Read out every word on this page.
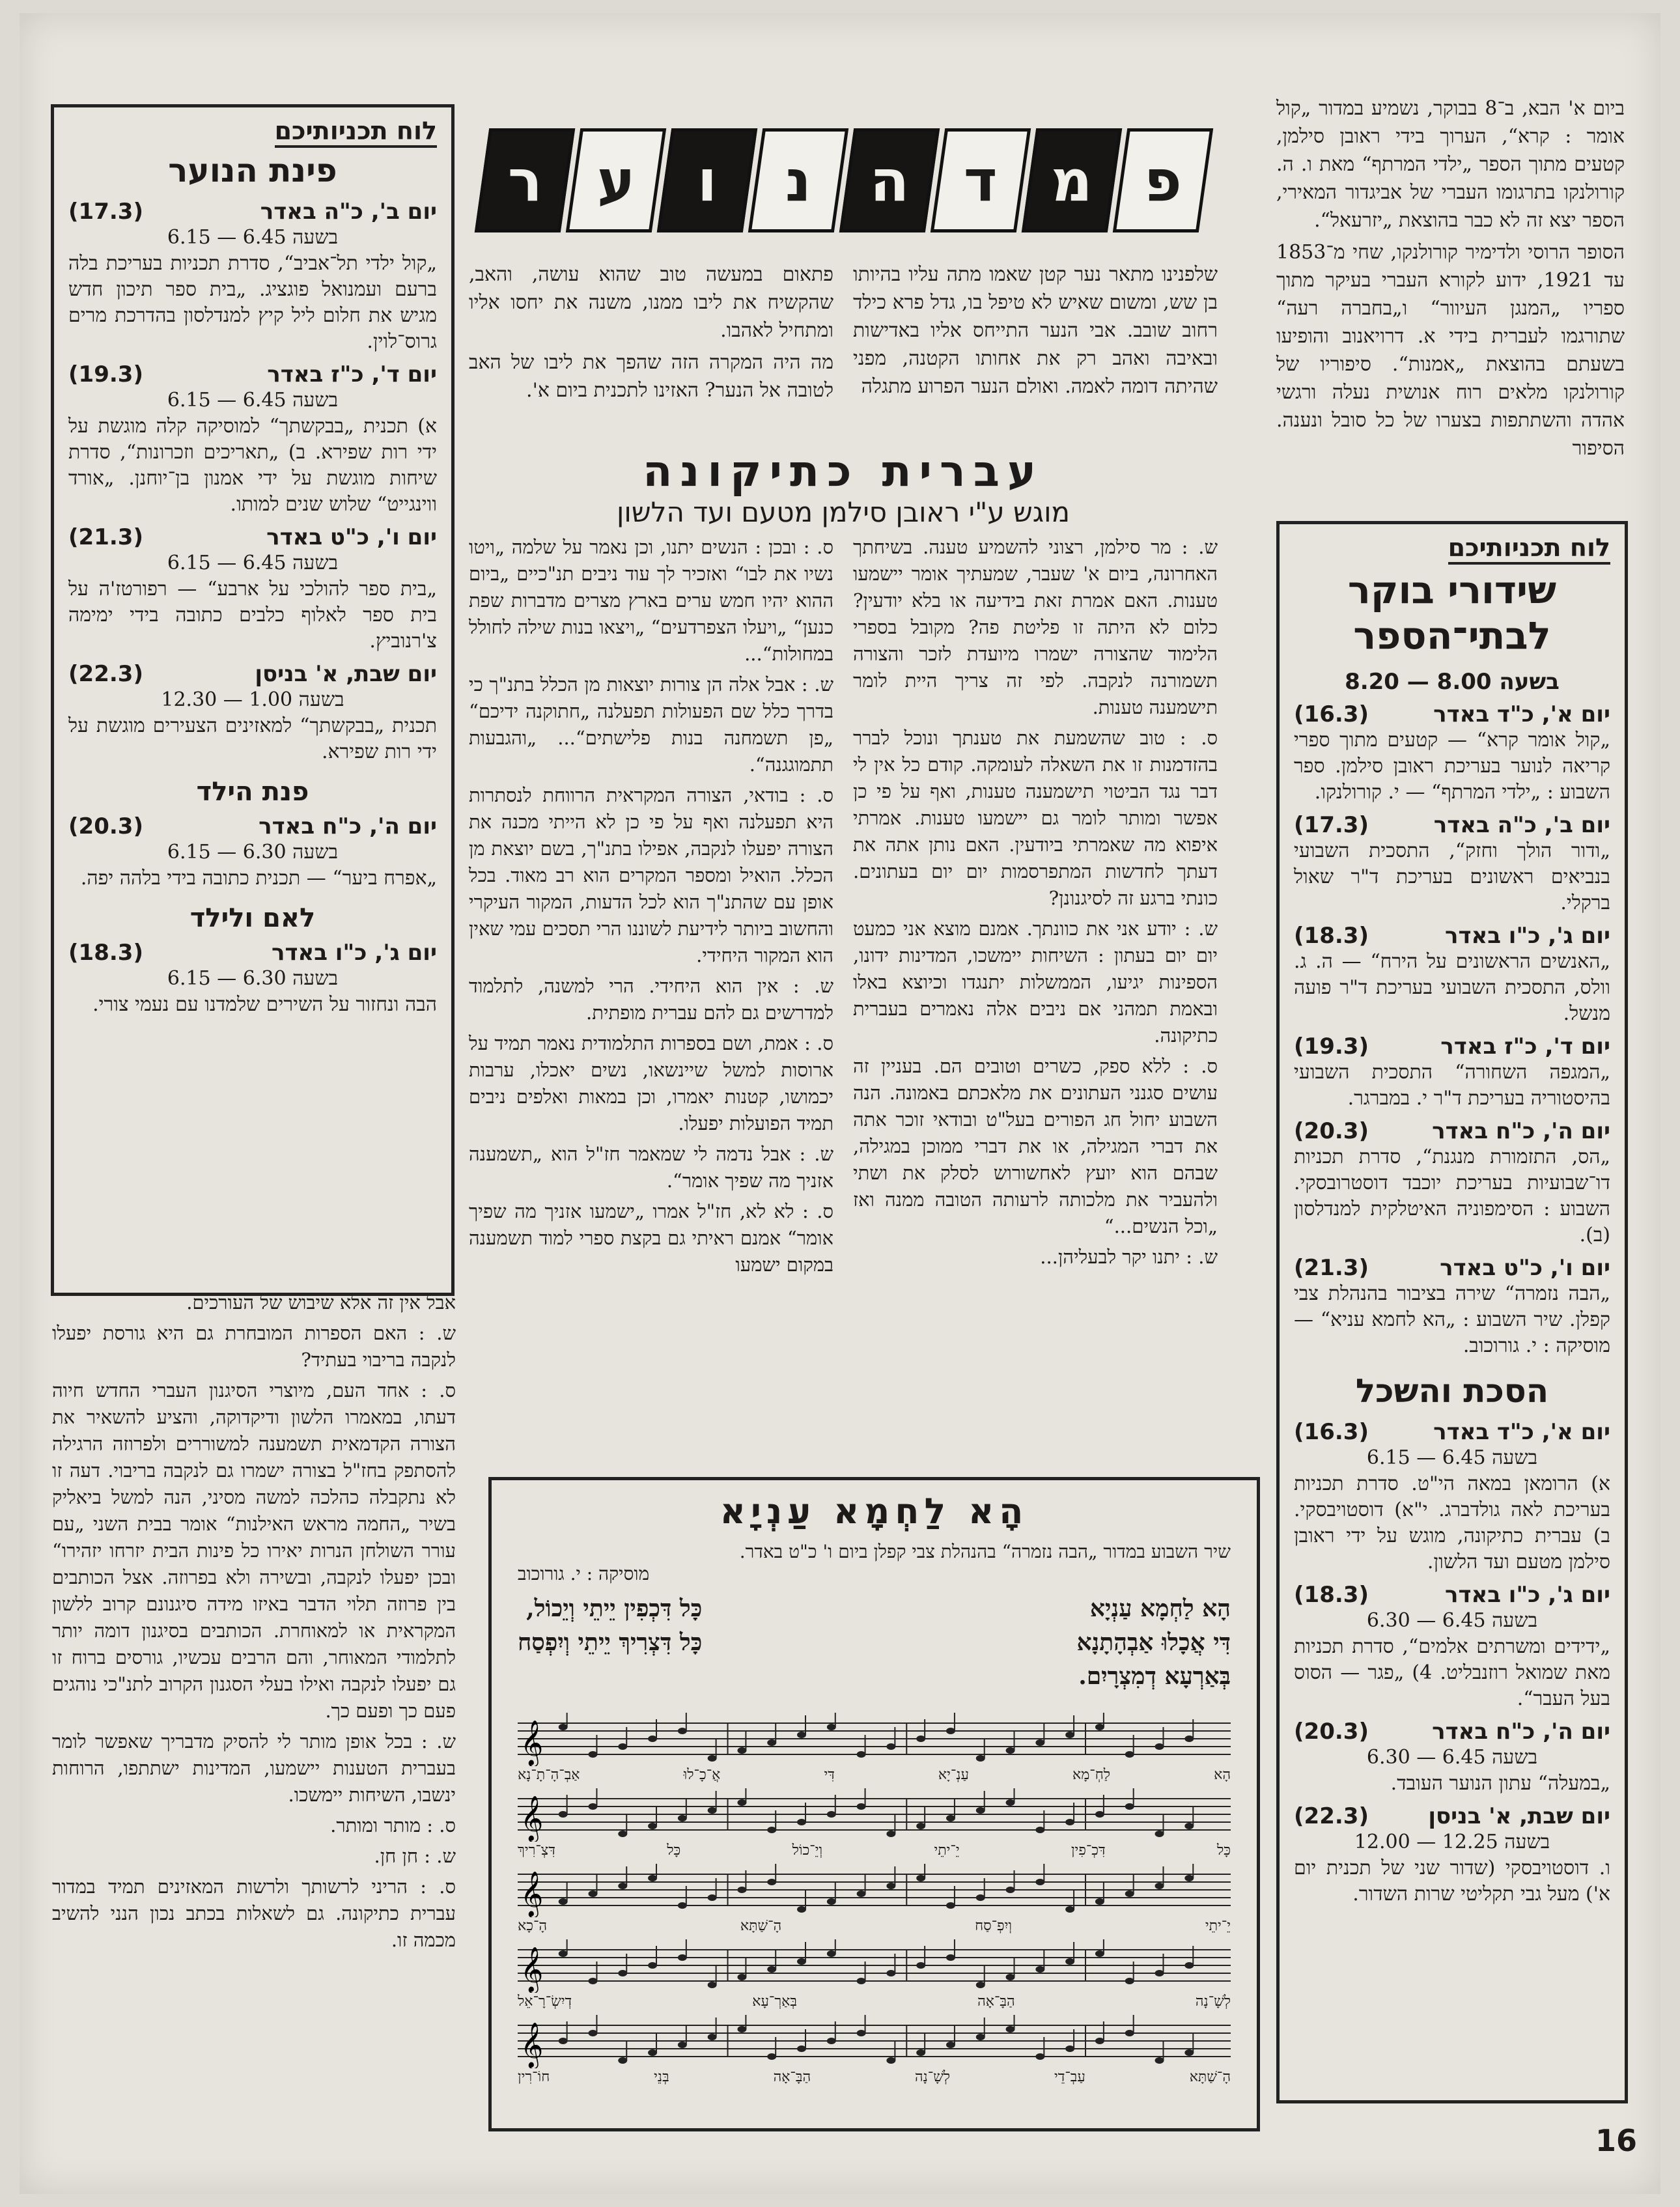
ביום א' הבא, ב־8 בבוקר, נשמיע במדור „קול אומר : קרא“, הערוך בידי ראובן סילמן, קטעים מתוך הספר „ילדי המרתף“ מאת ו. ה. קורולנקו בתרגומו העברי של אביגדור המאירי, הספר יצא זה לא כבר בהוצאת „יזרעאל“.

הסופר הרוסי ולדימיר קורולנקו, שחי מ־1853 עד 1921, ידוע לקורא העברי בעיקר מתוך ספריו „המנגן העיוור“ ו„בחברה רעה“ שתורגמו לעברית בידי א. דרויאנוב והופיעו בשעתם בהוצאת „אמנות“. סיפוריו של קורולנקו מלאים רוח אנושית נעלה ורגשי אהדה והשתתפות בצערו של כל סובל ונענה. הסיפור

פ
מ
ד
ה
נ
ו
ע
ר

שלפנינו מתאר נער קטן שאמו מתה עליו בהיותו בן שש, ומשום שאיש לא טיפל בו, גדל פרא כילד רחוב שובב. אבי הנער התייחס אליו באדישות ובאיבה ואהב רק את אחותו הקטנה, מפני שהיתה דומה לאמה. ואולם הנער הפרוע מתגלה

פתאום במעשה טוב שהוא עושה, והאב, שהקשיח את ליבו ממנו, משנה את יחסו אליו ומתחיל לאהבו.

מה היה המקרה הזה שהפך את ליבו של האב לטובה אל הנער? האזינו לתכנית ביום א'.

עברית כתיקונה

מוגש ע"י ראובן סילמן מטעם ועד הלשון

ש. : מר סילמן, רצוני להשמיע טענה. בשיחתך האחרונה, ביום א' שעבר, שמעתיך אומר יישמעו טענות. האם אמרת זאת בידיעה או בלא יודעין? כלום לא היתה זו פליטת פה? מקובל בספרי הלימוד שהצורה ישמרו מיועדת לזכר והצורה תשמורנה לנקבה. לפי זה צריך היית לומר תישמענה טענות.

ס. : טוב שהשמעת את טענתך ונוכל לברר בהזדמנות זו את השאלה לעומקה. קודם כל אין לי דבר נגד הביטוי תישמענה טענות, ואף על פי כן אפשר ומותר לומר גם יישמעו טענות. אמרתי איפוא מה שאמרתי ביודעין. האם נותן אתה את דעתך לחדשות המתפרסמות יום יום בעתונים. כונתי ברגע זה לסיגנונן?

ש. : יודע אני את כוונתך. אמנם מוצא אני כמעט יום יום בעתון : השיחות יימשכו, המדינות ידונו, הספינות יגיעו, הממשלות יתנגדו וכיוצא באלו ובאמת תמהני אם ניבים אלה נאמרים בעברית כתיקונה.

ס. : ללא ספק, כשרים וטובים הם. בעניין זה עושים סגנני העתונים את מלאכתם באמונה. הנה השבוע יחול חג הפורים בעל"ט ובודאי זוכר אתה את דברי המגילה, או את דברי ממוכן במגילה, שבהם הוא יועץ לאחשורוש לסלק את ושתי ולהעביר את מלכותה לרעותה הטובה ממנה ואז „וכל הנשים...“

ש. : יתנו יקר לבעליהן...

ס. : ובכן : הנשים יתנו, וכן נאמר על שלמה „ויטו נשיו את לבו“ ואזכיר לך עוד ניבים תנ"כיים „ביום ההוא יהיו חמש ערים בארץ מצרים מדברות שפת כנען“ „ויעלו הצפרדעים“ „ויצאו בנות שילה לחולל במחולות“...

ש. : אבל אלה הן צורות יוצאות מן הכלל בתנ"ך כי בדרך כלל שם הפעולות תפעלנה „חתוקנה ידיכם“ „פן תשמחנה בנות פלישתים“... „והגבעות תתמוגגנה“.

ס. : בודאי, הצורה המקראית הרווחת לנסתרות היא תפעלנה ואף על פי כן לא הייתי מכנה את הצורה יפעלו לנקבה, אפילו בתנ"ך, בשם יוצאת מן הכלל. הואיל ומספר המקרים הוא רב מאוד. בכל אופן עם שהתנ"ך הוא לכל הדעות, המקור העיקרי והחשוב ביותר לידיעת לשוננו הרי תסכים עמי שאין הוא המקור היחידי.

ש. : אין הוא היחידי. הרי למשנה, לתלמוד למדרשים גם להם עברית מופתית.

ס. : אמת, ושם בספרות התלמודית נאמר תמיד על ארוסות למשל שיינשאו, נשים יאכלו, ערבות יכמושו, קטנות יאמרו, וכן במאות ואלפים ניבים תמיד הפועלות יפעלו.

ש. : אבל נדמה לי שמאמר חז"ל הוא „תשמענה אזניך מה שפיך אומר“.

ס. : לא לא, חז"ל אמרו „ישמעו אזניך מה שפיך אומר“ אמנם ראיתי גם בקצת ספרי למוד תשמענה במקום ישמעו

אבל אין זה אלא שיבוש של העורכים.

ש. : האם הספרות המובחרת גם היא גורסת יפעלו לנקבה בריבוי בעתיד?

ס. : אחד העם, מיוצרי הסיגנון העברי החדש חיוה דעתו, במאמרו הלשון ודיקדוקה, והציע להשאיר את הצורה הקדמאית תשמענה למשוררים ולפרוזה הרגילה להסתפק בחז"ל בצורה ישמרו גם לנקבה בריבוי. דעה זו לא נתקבלה כהלכה למשה מסיני, הנה למשל ביאליק בשיר „החמה מראש האילנות“ אומר בבית השני „עם עורר השולחן הנרות יאירו כל פינות הבית יזרחו יזהירו“ ובכן יפעלו לנקבה, ובשירה ולא בפרוזה. אצל הכותבים בין פרוזה תלוי הדבר באיזו מידה סיגנונם קרוב ללשון המקראית או למאוחרת. הכותבים בסיגנון דומה יותר לתלמודי המאוחר, והם הרבים עכשיו, גורסים ברוח זו גם יפעלו לנקבה ואילו בעלי הסגנון הקרוב לתנ"כי נוהגים פעם כך ופעם כך.

ש. : בכל אופן מותר לי להסיק מדבריך שאפשר לומר בעברית הטענות יישמעו, המדינות ישתתפו, הרוחות ינשבו, השיחות יימשכו.

ס. : מותר ומותר.

ש. : חן חן.

ס. : הריני לרשותך ולרשות המאזינים תמיד במדור עברית כתיקונה. גם לשאלות בכתב נכון הנני להשיב מכמה זו.

לוח תכניותיכם

פינת הנוער

יום ב', כ"ה באדר
(17.3)
בשעה 6.45 — 6.15
„קול ילדי תל־אביב“, סדרת תכניות בעריכת בלה ברעם ועמנואל פוגציג. „בית ספר תיכון חדש מגיש את חלום ליל קיץ למנדלסון בהדרכת מרים גרוס־לוין.
יום ד', כ"ז באדר
(19.3)
בשעה 6.45 — 6.15
א) תכנית „בבקשתך“ למוסיקה קלה מוגשת על ידי רות שפירא. ב) „תאריכים וזכרונות“, סדרת שיחות מוגשת על ידי אמנון בן־יוחנן. „אורד ווינגייט“ שלוש שנים למותו.
יום ו', כ"ט באדר
(21.3)
בשעה 6.45 — 6.15
„בית ספר להולכי על ארבע“ — רפורטז'ה על בית ספר לאלוף כלבים כתובה בידי ימימה צ'רנוביץ.
יום שבת, א' בניסן
(22.3)
בשעה 1.00 — 12.30
תכנית „בבקשתך“ למאזינים הצעירים מוגשת על ידי רות שפירא.

פנת הילד

יום ה', כ"ח באדר
(20.3)
בשעה 6.30 — 6.15
„אפרח ביער“ — תכנית כתובה בידי בלהה יפה.

לאם ולילד

יום ג', כ"ו באדר
(18.3)
בשעה 6.30 — 6.15
הבה ונחזור על השירים שלמדנו עם נעמי צורי.

לוח תכניותיכם

שידורי בוקר לבתי־הספר

בשעה 8.00 — 8.20

יום א', כ"ד באדר
(16.3)
„קול אומר קרא“ — קטעים מתוך ספרי קריאה לנוער בעריכת ראובן סילמן. ספר השבוע : „ילדי המרתף“ — י. קורולנקו.
יום ב', כ"ה באדר
(17.3)
„ודור הולך וחזק“, התסכית השבועי בנביאים ראשונים בעריכת ד"ר שאול ברקלי.
יום ג', כ"ו באדר
(18.3)
„האנשים הראשונים על הירח“ — ה. ג. וולס, התסכית השבועי בעריכת ד"ר פועה מנשל.
יום ד', כ"ז באדר
(19.3)
„המגפה השחורה“ התסכית השבועי בהיסטוריה בעריכת ד"ר י. במברגר.
יום ה', כ"ח באדר
(20.3)
„הס, התזמורת מנגנת“, סדרת תכניות דו־שבועיות בעריכת יוכבד דוסטרובסקי. השבוע : הסימפוניה האיטלקית למנדלסון (ב).
יום ו', כ"ט באדר
(21.3)
„הבה נזמרה“ שירה בציבור בהנהלת צבי קפלן. שיר השבוע : „הא לחמא עניא“ — מוסיקה : י. גורוכוב.

הסכת והשכל

יום א', כ"ד באדר
(16.3)
בשעה 6.45 — 6.15
א) הרומאן במאה הי"ט. סדרת תכניות בעריכת לאה גולדברג. י"א) דוסטויבסקי. ב) עברית כתיקונה, מוגש על ידי ראובן סילמן מטעם ועד הלשון.
יום ג', כ"ו באדר
(18.3)
בשעה 6.45 — 6.30
„ידידים ומשרתים אלמים“, סדרת תכניות מאת שמואל רוזנבליט. 4) „פגר — הסוס בעל העבר“.
יום ה', כ"ח באדר
(20.3)
בשעה 6.45 — 6.30
„במעלה“ עתון הנוער העובד.
יום שבת, א' בניסן
(22.3)
בשעה 12.25 — 12.00
ו. דוסטויבסקי (שדור שני של תכנית יום א') מעל גבי תקליטי שרות השדור.

הָא לַחְמָא עַנְיָא

שיר השבוע במדור „הבה נזמרה“ בהנהלת צבי קפלן ביום ו' כ"ט באדר.

מוסיקה : י. גורוכוב

הָא לַחְמָא עַנְיָא
דִּי אֲכָלוּ אַבְהָתָנָא
בְּאַרְעָא דְמִצְרָיִם.
כָּל דִּכְפִין יֵיתֵי וְיֵכוֹל,
כָּל דִּצְרִיךְ יֵיתֵי וְיִפְסַח
𝄞
הָא לַחְ־מָא עַנְ־יָא דִּי אֲ־כָ־לוּ אַבְ־הָ־תָ־נָא
𝄞
כָּל דִּכְ־פִין יֵ־יתֵי וְיֵ־כוֹל כָּל דִּצְ־רִיךְ
𝄞
יֵ־יתֵי וְיִפְ־סַח הָ־שַׁתָּא הָ־כָא
𝄞
לְשָׁ־נָה הַבָּ־אָה בְּאַרְ־עָא דְיִשְׂ־רָ־אֵל
𝄞
הָ־שַׁתָּא עַבְ־דֵי לְשָׁ־נָה הַבָּ־אָה בְּנֵי חוֹ־רִין
16
